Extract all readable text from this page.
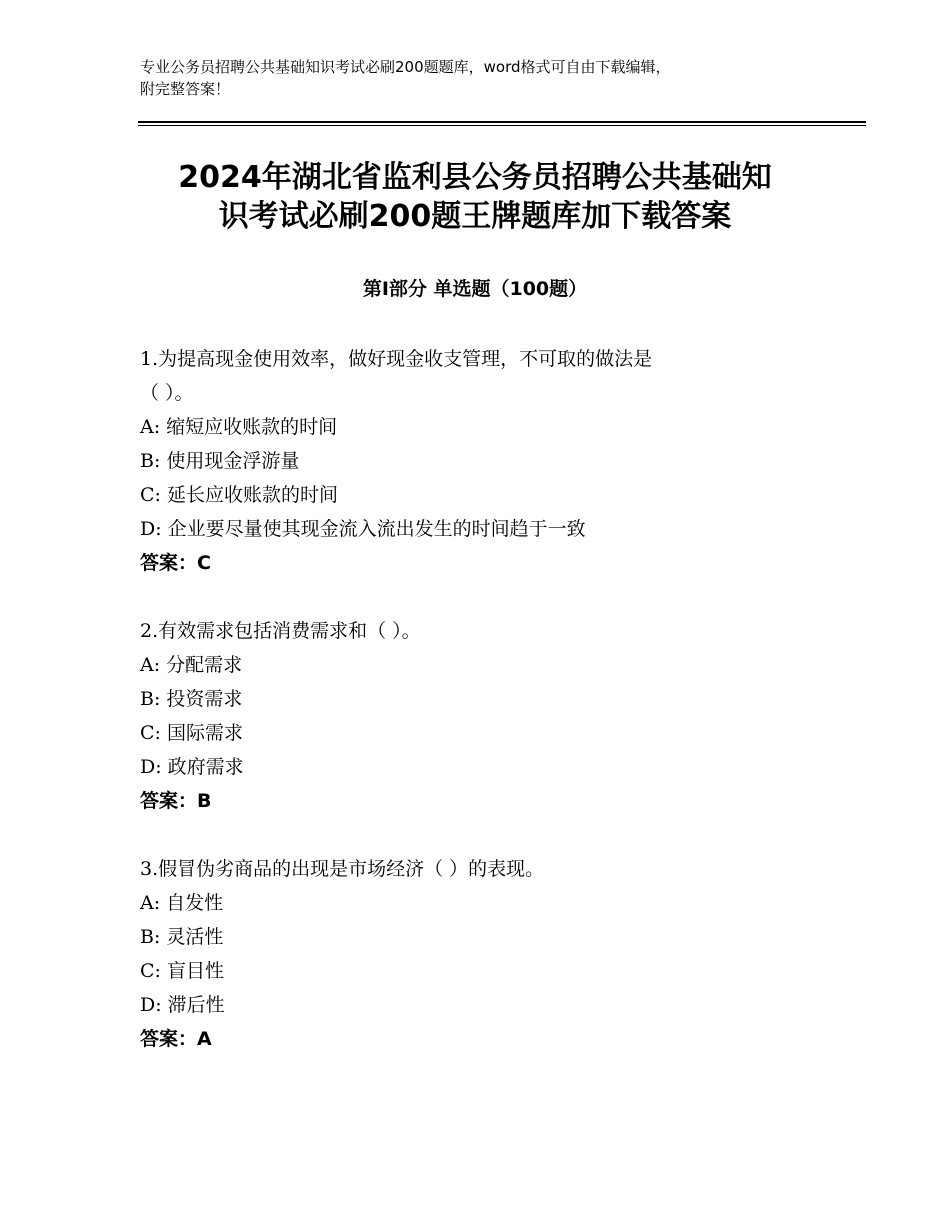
专业公务员招聘公共基础知识考试必刷200题题库，word格式可自由下载编辑，
附完整答案！
2024年湖北省监利县公务员招聘公共基础知
识考试必刷200题王牌题库加下载答案
第Ⅰ部分 单选题（100题）
1.为提高现金使用效率，做好现金收支管理，不可取的做法是
（ ）。
A: 缩短应收账款的时间
B: 使用现金浮游量
C: 延长应收账款的时间
D: 企业要尽量使其现金流入流出发生的时间趋于一致
答案：C
2.有效需求包括消费需求和（ ）。
A: 分配需求
B: 投资需求
C: 国际需求
D: 政府需求
答案：B
3.假冒伪劣商品的出现是市场经济（ ）的表现。
A: 自发性
B: 灵活性
C: 盲目性
D: 滞后性
答案：A
